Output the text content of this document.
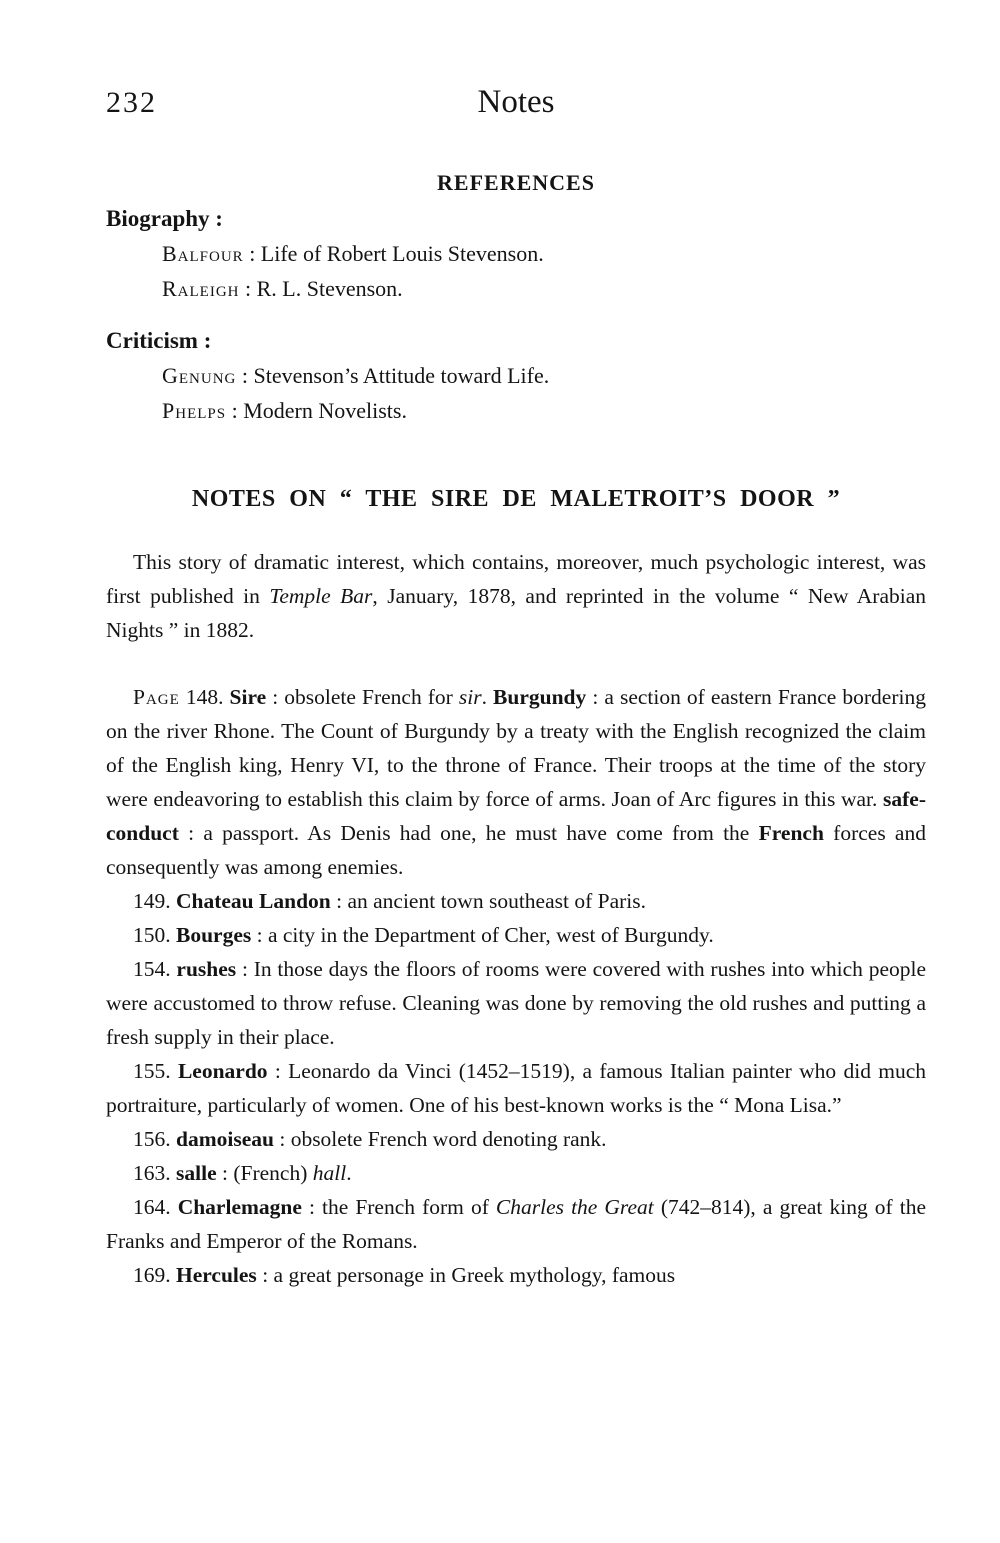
232	Notes
REFERENCES
Biography :
Balfour : Life of Robert Louis Stevenson.
Raleigh : R. L. Stevenson.
Criticism :
Genung : Stevenson’s Attitude toward Life.
Phelps : Modern Novelists.
NOTES ON “ THE SIRE DE MALETROIT’S DOOR ”

This story of dramatic interest, which contains, moreover, much psychologic interest, was first published in Temple Bar, January, 1878, and reprinted in the volume “ New Arabian Nights ” in 1882.

Page 148. Sire : obsolete French for sir. Burgundy : a section of eastern France bordering on the river Rhone. The Count of Burgundy by a treaty with the English recognized the claim of the English king, Henry VI, to the throne of France. Their troops at the time of the story were endeavoring to establish this claim by force of arms. Joan of Arc figures in this war. safe-conduct : a passport. As Denis had one, he must have come from the French forces and consequently was among enemies.

149. Chateau Landon : an ancient town southeast of Paris.

150. Bourges : a city in the Department of Cher, west of Burgundy.

154. rushes : In those days the floors of rooms were covered with rushes into which people were accustomed to throw refuse. Cleaning was done by removing the old rushes and putting a fresh supply in their place.

155. Leonardo : Leonardo da Vinci (1452–1519), a famous Italian painter who did much portraiture, particularly of women. One of his best-known works is the “ Mona Lisa.”

156. damoiseau : obsolete French word denoting rank.

163. salle : (French) hall.

164. Charlemagne : the French form of Charles the Great (742–814), a great king of the Franks and Emperor of the Romans.

169. Hercules : a great personage in Greek mythology, famous
